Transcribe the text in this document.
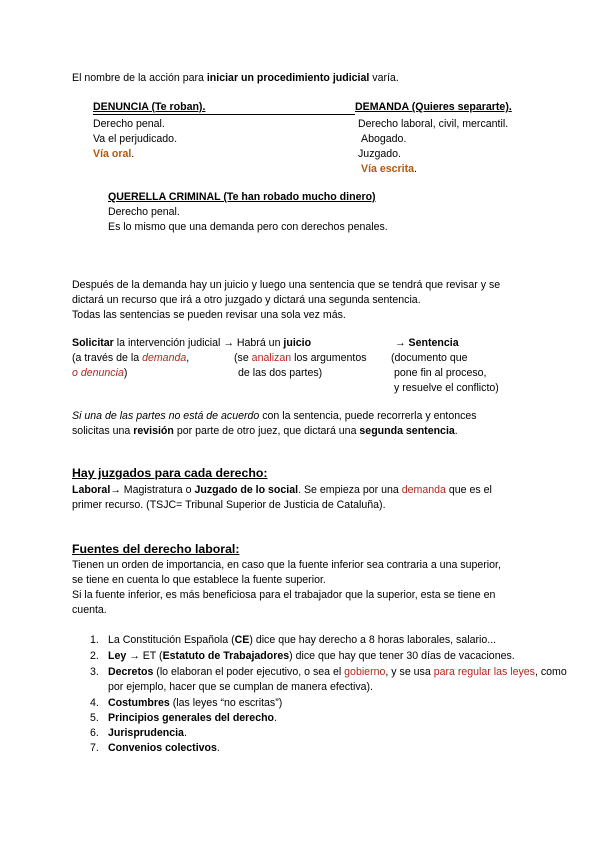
El nombre de la acción para iniciar un procedimiento judicial varía.
DENUNCIA (Te roban).
Derecho penal.
Va el perjudicado.
Vía oral.
DEMANDA (Quieres separarte).
Derecho laboral, civil, mercantil.
Abogado.
Juzgado.
Vía escrita.
QUERELLA CRIMINAL (Te han robado mucho dinero)
Derecho penal.
Es lo mismo que una demanda pero con derechos penales.
Después de la demanda hay un juicio y luego una sentencia que se tendrá que revisar y se
dictará un recurso que irá a otro juzgado y dictará una segunda sentencia.
Todas las sentencias se pueden revisar una sola vez más.
Solicitar la intervención judicial → Habrá un juicio
(a través de la demanda,
o denuncia)
(se analizan los argumentos
de las dos partes)
→ Sentencia
(documento que
pone fin al proceso,
y resuelve el conflicto)
Si una de las partes no está de acuerdo con la sentencia, puede recorrerla y entonces
solicitas una revisión por parte de otro juez, que dictará una segunda sentencia.
Hay juzgados para cada derecho:
Laboral→ Magistratura o Juzgado de lo social. Se empieza por una demanda que es el
primer recurso. (TSJC= Tribunal Superior de Justicia de Cataluña).
Fuentes del derecho laboral:
Tienen un orden de importancia, en caso que la fuente inferior sea contraria a una superior,
se tiene en cuenta lo que establece la fuente superior.
Si la fuente inferior, es más beneficiosa para el trabajador que la superior, esta se tiene en
cuenta.
1. La Constitución Española (CE) dice que hay derecho a 8 horas laborales, salario...
2. Ley → ET (Estatuto de Trabajadores) dice que hay que tener 30 días de vacaciones.
3. Decretos (lo elaboran el poder ejecutivo, o sea el gobierno, y se usa para regular las leyes, como por ejemplo, hacer que se cumplan de manera efectiva).
4. Costumbres (las leyes “no escritas”)
5. Principios generales del derecho.
6. Jurisprudencia.
7. Convenios colectivos.
